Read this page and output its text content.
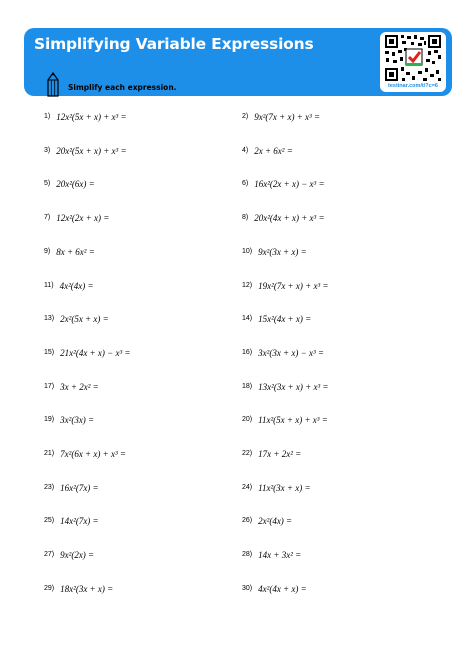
Simplifying Variable Expressions
testinar.com/t/?c=6
Simplify each expression.
1) 12x²(5x + x) + x³ =	2) 9x²(7x + x) + x³ =
3) 20x²(5x + x) + x³ =	4) 2x + 6x² =
5) 20x²(6x) =	6) 16x²(2x + x) − x³ =
7) 12x²(2x + x) =	8) 20x²(4x + x) + x³ =
9) 8x + 6x² =	10) 9x²(3x + x) =
11) 4x²(4x) =	12) 19x²(7x + x) + x³ =
13) 2x²(5x + x) =	14) 15x²(4x + x) =
15) 21x²(4x + x) − x³ =	16) 3x²(3x + x) − x³ =
17) 3x + 2x² =	18) 13x²(3x + x) + x³ =
19) 3x²(3x) =	20) 11x²(5x + x) + x³ =
21) 7x²(6x + x) + x³ =	22) 17x + 2x² =
23) 16x²(7x) =	24) 11x²(3x + x) =
25) 14x²(7x) =	26) 2x²(4x) =
27) 9x²(2x) =	28) 14x + 3x² =
29) 18x²(3x + x) =	30) 4x²(4x + x) =
